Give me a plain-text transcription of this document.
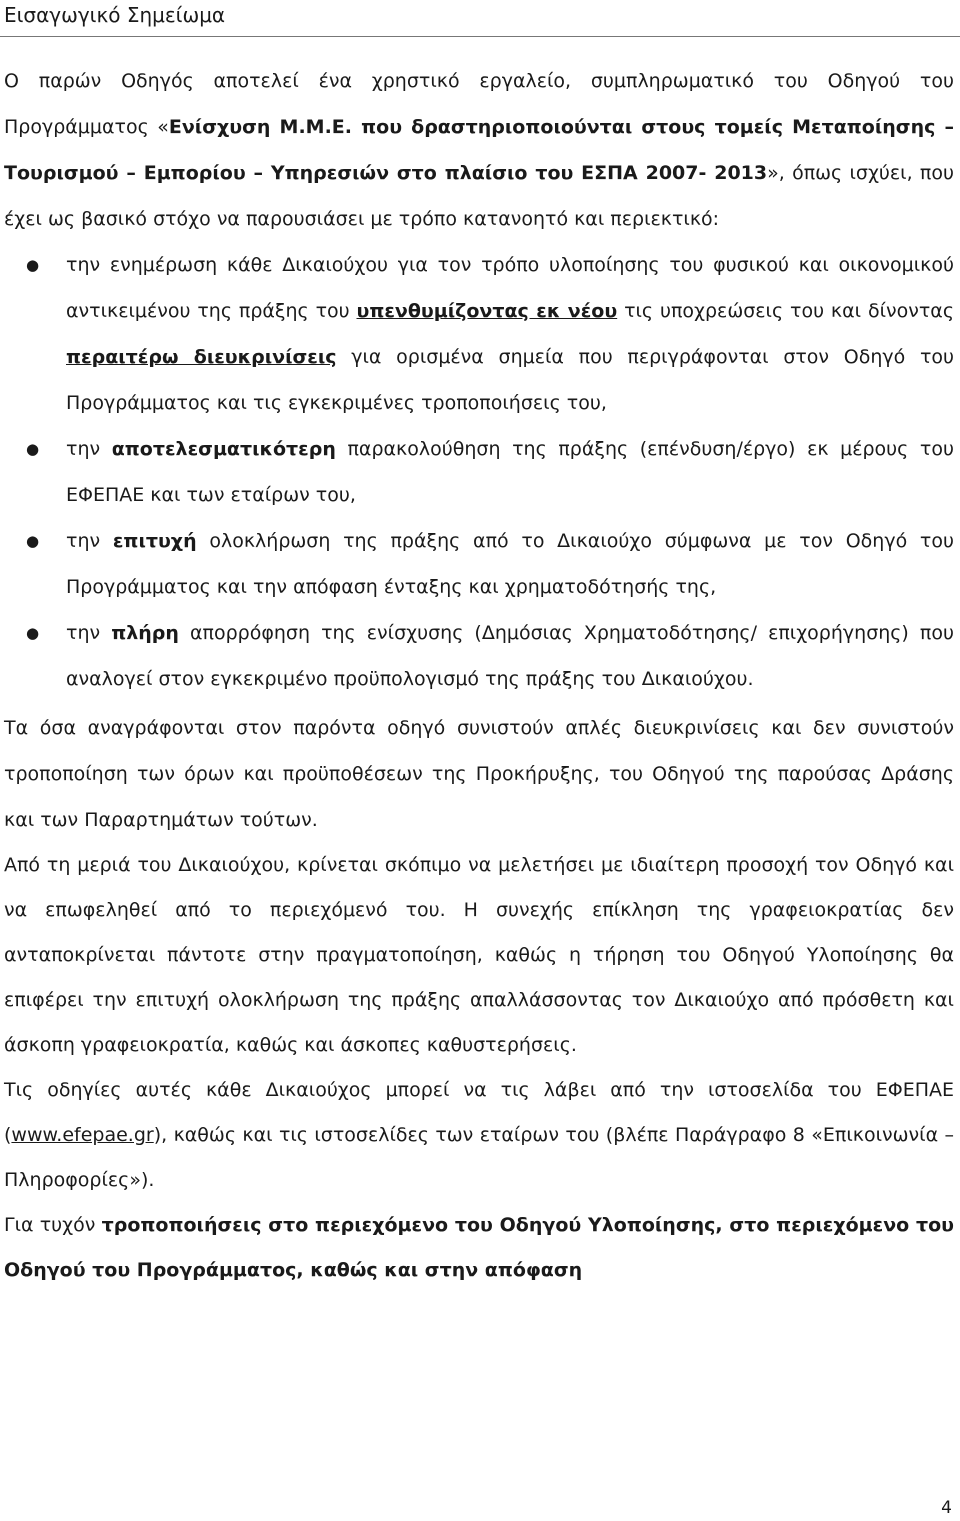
Εισαγωγικό Σημείωμα

Ο παρών Οδηγός αποτελεί ένα χρηστικό εργαλείο, συμπληρωματικό του Οδηγού του Προγράμματος «Ενίσχυση Μ.Μ.Ε. που δραστηριοποιούνται στους τομείς Μεταποίησης – Τουρισμού – Εμπορίου – Υπηρεσιών στο πλαίσιο του ΕΣΠΑ 2007- 2013», όπως ισχύει, που έχει ως βασικό στόχο να παρουσιάσει με τρόπο κατανοητό και περιεκτικό:

● την ενημέρωση κάθε Δικαιούχου για τον τρόπο υλοποίησης του φυσικού και οικονομικού αντικειμένου της πράξης του υπενθυμίζοντας εκ νέου τις υποχρεώσεις του και δίνοντας περαιτέρω διευκρινίσεις για ορισμένα σημεία που περιγράφονται στον Οδηγό του Προγράμματος και τις εγκεκριμένες τροποποιήσεις του,
● την αποτελεσματικότερη παρακολούθηση της πράξης (επένδυση/έργο) εκ μέρους του ΕΦΕΠΑΕ και των εταίρων του,
● την επιτυχή ολοκλήρωση της πράξης από το Δικαιούχο σύμφωνα με τον Οδηγό του Προγράμματος και την απόφαση ένταξης και χρηματοδότησής της,
● την πλήρη απορρόφηση της ενίσχυσης (Δημόσιας Χρηματοδότησης/ επιχορήγησης) που αναλογεί στον εγκεκριμένο προϋπολογισμό της πράξης του Δικαιούχου.

Τα όσα αναγράφονται στον παρόντα οδηγό συνιστούν απλές διευκρινίσεις και δεν συνιστούν τροποποίηση των όρων και προϋποθέσεων της Προκήρυξης, του Οδηγού της παρούσας Δράσης και των Παραρτημάτων τούτων.

Από τη μεριά του Δικαιούχου, κρίνεται σκόπιμο να μελετήσει με ιδιαίτερη προσοχή τον Οδηγό και να επωφεληθεί από το περιεχόμενό του. Η συνεχής επίκληση της γραφειοκρατίας δεν ανταποκρίνεται πάντοτε στην πραγματοποίηση, καθώς η τήρηση του Οδηγού Υλοποίησης θα επιφέρει την επιτυχή ολοκλήρωση της πράξης απαλλάσσοντας τον Δικαιούχο από πρόσθετη και άσκοπη γραφειοκρατία, καθώς και άσκοπες καθυστερήσεις.

Τις οδηγίες αυτές κάθε Δικαιούχος μπορεί να τις λάβει από την ιστοσελίδα του ΕΦΕΠΑΕ (www.efepae.gr), καθώς και τις ιστοσελίδες των εταίρων του (βλέπε Παράγραφο 8 «Επικοινωνία – Πληροφορίες»).

Για τυχόν τροποποιήσεις στο περιεχόμενο του Οδηγού Υλοποίησης, στο περιεχόμενο του Οδηγού του Προγράμματος, καθώς και στην απόφαση

4
